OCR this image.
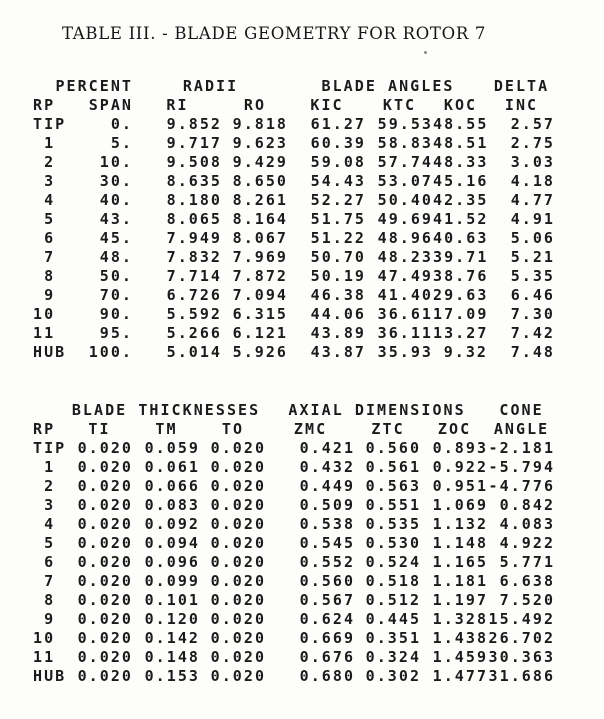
TABLE III. - BLADE GEOMETRY FOR ROTOR 7
PERCENT		RADII		BLADE ANGLES			DELTA
RP	SPAN	RI	RO	KIC	KTC	KOC	INC
TIP	0.	9.852	9.818	61.27	59.53	48.55	2.57
1	5.	9.717	9.623	60.39	58.83	48.51	2.75
2	10.	9.508	9.429	59.08	57.74	48.33	3.03
3	30.	8.635	8.650	54.43	53.07	45.16	4.18
4	40.	8.180	8.261	52.27	50.40	42.35	4.77
5	43.	8.065	8.164	51.75	49.69	41.52	4.91
6	45.	7.949	8.067	51.22	48.96	40.63	5.06
7	48.	7.832	7.969	50.70	48.23	39.71	5.21
8	50.	7.714	7.872	50.19	47.49	38.76	5.35
9	70.	6.726	7.094	46.38	41.40	29.63	6.46
10	90.	5.592	6.315	44.06	36.61	17.09	7.30
11	95.	5.266	6.121	43.89	36.11	13.27	7.42
HUB	100.	5.014	5.926	43.87	35.93	9.32	7.48
	BLADE THICKNESSES			AXIAL DIMENSIONS			CONE
RP	TI	TM	TO	ZMC	ZTC	ZOC	ANGLE
TIP	0.020	0.059	0.020	0.421	0.560	0.893	-2.181
1	0.020	0.061	0.020	0.432	0.561	0.922	-5.794
2	0.020	0.066	0.020	0.449	0.563	0.951	-4.776
3	0.020	0.083	0.020	0.509	0.551	1.069	0.842
4	0.020	0.092	0.020	0.538	0.535	1.132	4.083
5	0.020	0.094	0.020	0.545	0.530	1.148	4.922
6	0.020	0.096	0.020	0.552	0.524	1.165	5.771
7	0.020	0.099	0.020	0.560	0.518	1.181	6.638
8	0.020	0.101	0.020	0.567	0.512	1.197	7.520
9	0.020	0.120	0.020	0.624	0.445	1.328	15.492
10	0.020	0.142	0.020	0.669	0.351	1.438	26.702
11	0.020	0.148	0.020	0.676	0.324	1.459	30.363
HUB	0.020	0.153	0.020	0.680	0.302	1.477	31.686
